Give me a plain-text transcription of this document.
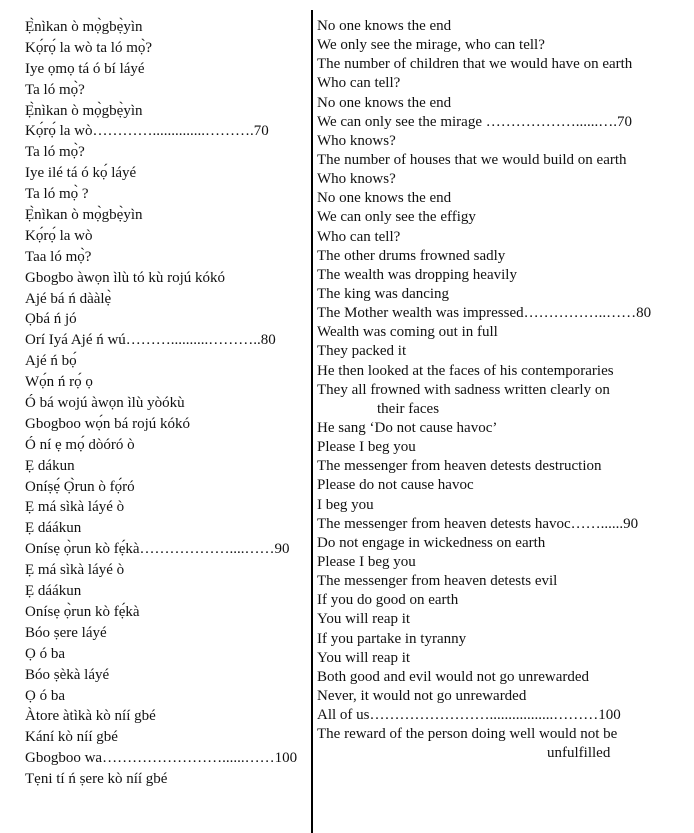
Ẹ̀nìkan ò mọ̀gbẹ̀yìn
Kọ́rọ́ la wò ta ló mọ̀?
Iye ọmọ tá ó bí láyé
Ta ló mọ̀?
Ẹ̀nìkan ò mọ̀gbẹ̀yìn
Kọ́rọ́ la wò…………..............……….70
Ta ló mọ̀?
Iye ilé tá ó kọ́ láyé
Ta ló mọ̀ ?
Ẹ̀nìkan ò mọ̀gbẹ̀yìn
Kọ́rọ́ la wò
Taa ló mọ̀?
Gbogbo àwọn ìlù tó kù rojú kókó
Ajé bá ń dààlẹ̀
Ọbá ń jó
Orí Iyá Ajé ń wú………..........………..80
Ajé ń bọ́
Wọ́n ń rọ́ ọ
Ó bá wojú àwọn ìlù yòókù
Gbogboo wọ́n bá rojú kókó
Ó ní ẹ mọ́ dòóró ò
Ẹ dákun
Oníṣẹ́ Ọ̀run ò fọ́ró
Ẹ má sìkà láyé ò
Ẹ dáákun
Onísẹ ọ̀run kò fẹ́kà………………....……90
Ẹ má sìkà láyé ò
Ẹ dáákun
Onísẹ ọ̀run kò fẹ́kà
Bóo ṣere láyé
Ọ ó ba
Bóo ṣèkà láyé
Ọ ó ba
Àtore àtìkà kò níí gbé
Kání kò níí gbé
Gbogboo wa……………………......……100
Tẹni tí ń ṣere kò níí gbé
No one knows the end
We only see the mirage, who can tell?
The number of children that we would have on earth
Who can tell?
No one knows the end
We can only see the mirage ………………......….70
Who knows?
The number of houses that we would build on earth
Who knows?
No one knows the end
We can only see the effigy
Who can tell?
The other drums frowned sadly
The wealth was dropping heavily
The king was dancing
The Mother wealth was impressed……………..……80
Wealth was coming out in full
They packed it
He then looked at the faces of his contemporaries
They all frowned with sadness written clearly on
their faces
He sang ‘Do not cause havoc’
Please I beg you
The messenger from heaven detests destruction
Please do not cause havoc
I beg you
The messenger from heaven detests havoc……......90
Do not engage in wickedness on earth
Please I beg you
The messenger from heaven detests evil
If you do good on earth
You will reap it
If you partake in tyranny
You will reap it
Both good and evil would not go unrewarded
Never, it would not go unrewarded
All of us…………………….................………100
The reward of the person doing well would not be
unfulfilled
